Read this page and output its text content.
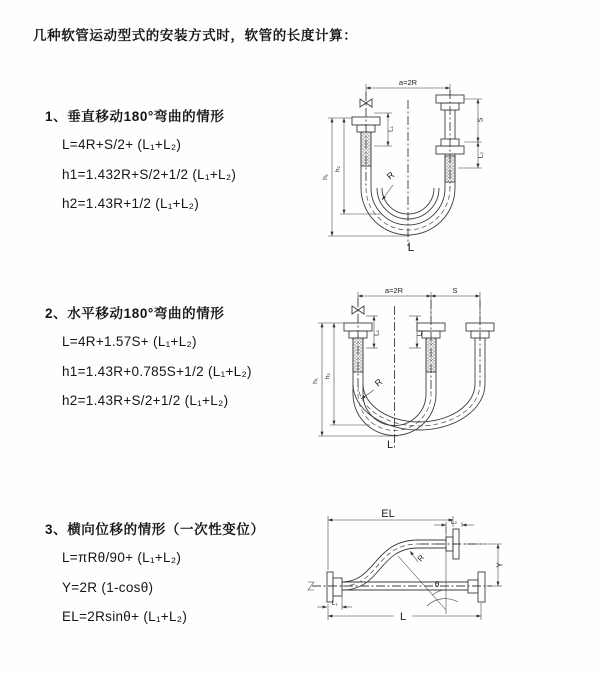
几种软管运动型式的安装方式时，软管的长度计算：
1、垂直移动180°弯曲的情形
L=4R+S/2+ (L₁+L₂)
h1=1.432R+S/2+1/2 (L₁+L₂)
h2=1.43R+1/2 (L₁+L₂)
2、水平移动180°弯曲的情形
L=4R+1.57S+ (L₁+L₂)
h1=1.43R+0.785S+1/2 (L₁+L₂)
h2=1.43R+S/2+1/2 (L₁+L₂)
3、横向位移的情形（一次性变位）
L=πRθ/90+ (L₁+L₂)
Y=2R (1-cosθ)
EL=2Rsinθ+ (L₁+L₂)
a=2R
S
L₂
L₁
h₁
h₂
R
L
a=2R	S
L₁	L₂
h₁
h₂
R
L
EL
L₂
Y
θ
R
L₁
L
